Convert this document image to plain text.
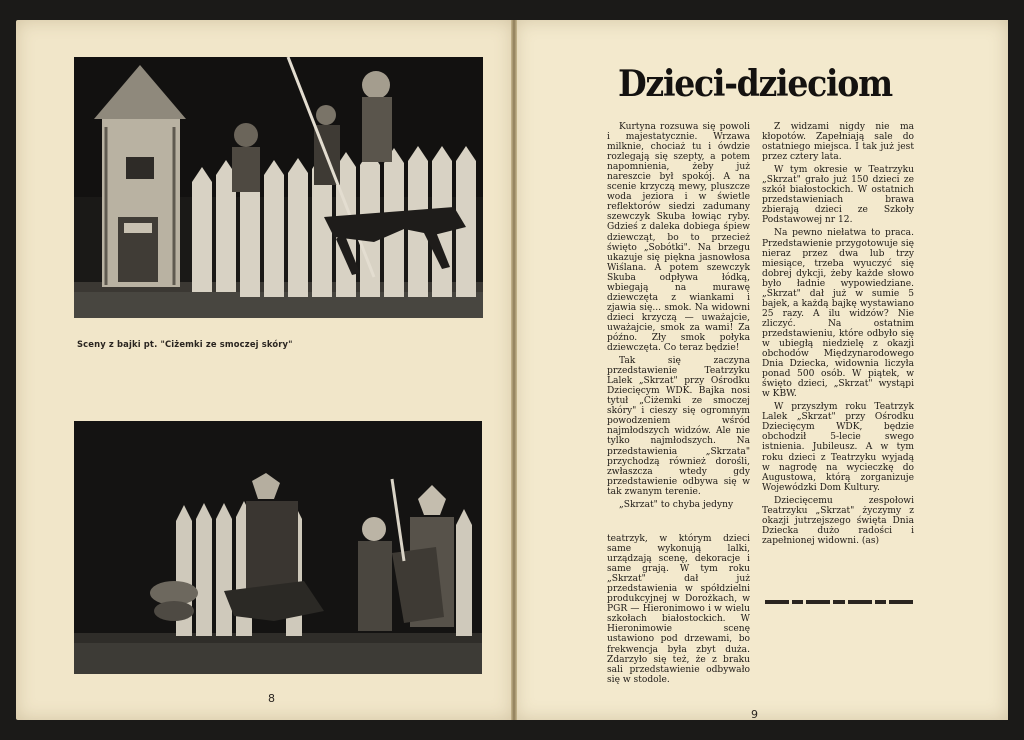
Sceny z bajki pt. "Ciżemki ze smoczej skóry"
8
Dzieci-dzieciom

Kurtyna rozsuwa się powoli i majestatycznie. Wrzawa milknie, chociaż tu i ówdzie rozlegają się szepty, a potem napomnienia, żeby już nareszcie był spokój. A na scenie krzyczą mewy, pluszcze woda jeziora i w świetle reflektorów siedzi zadumany szewczyk Skuba łowiąc ryby. Gdzieś z daleka dobiega śpiew dziewcząt, bo to przecież święto „Sobótki". Na brzegu ukazuje się piękna jasnowłosa Wiślana. A potem szewczyk Skuba odpływa łódką, wbiegają na murawę dziewczęta z wiankami i zjawia się... smok. Na widowni dzieci krzyczą — uważajcie, uważajcie, smok za wami! Za późno. Zły smok połyka dziewczęta. Co teraz będzie!

Tak się zaczyna przedstawienie Teatrzyku Lalek „Skrzat" przy Ośrodku Dziecięcym WDK. Bajka nosi tytuł „Ciżemki ze smoczej skóry" i cieszy się ogromnym powodzeniem wśród najmłodszych widzów. Ale nie tylko najmłodszych. Na przedstawienia „Skrzata" przychodzą również dorośli, zwłaszcza wtedy gdy przedstawienie odbywa się w tak zwanym terenie.

„Skrzat" to chyba jedyny

teatrzyk, w którym dzieci same wykonują lalki, urządzają scenę, dekoracje i same grają. W tym roku „Skrzat" dał już przedstawienia w spółdzielni produkcyjnej w Dorożkach, w PGR — Hieronimowo i w wielu szkołach białostockich. W Hieronimowie scenę ustawiono pod drzewami, bo frekwencja była zbyt duża. Zdarzyło się też, że z braku sali przedstawienie odbywało się w stodole.

Z widzami nigdy nie ma kłopotów. Zapełniają sale do ostatniego miejsca. I tak już jest przez cztery lata.

W tym okresie w Teatrzyku „Skrzat" grało już 150 dzieci ze szkół białostockich. W ostatnich przedstawieniach brawa zbierają dzieci ze Szkoły Podstawowej nr 12.

Na pewno niełatwa to praca. Przedstawienie przygotowuje się nieraz przez dwa lub trzy miesiące, trzeba wyuczyć się dobrej dykcji, żeby każde słowo było ładnie wypowiedziane. „Skrzat" dał już w sumie 5 bajek, a każdą bajkę wystawiano 25 razy. A ilu widzów? Nie zliczyć. Na ostatnim przedstawieniu, które odbyło się w ubiegłą niedzielę z okazji obchodów Międzynarodowego Dnia Dziecka, widownia liczyła ponad 500 osób. W piątek, w święto dzieci, „Skrzat" wystąpi w KBW.

W przyszłym roku Teatrzyk Lalek „Skrzat" przy Ośrodku Dziecięcym WDK, będzie obchodził 5-lecie swego istnienia. Jubileusz. A w tym roku dzieci z Teatrzyku wyjadą w nagrodę na wycieczkę do Augustowa, którą zorganizuje Wojewódzki Dom Kultury.

Dziecięcemu zespołowi Teatrzyku „Skrzat" życzymy z okazji jutrzejszego święta Dnia Dziecka dużo radości i zapełnionej widowni. (as)

9
